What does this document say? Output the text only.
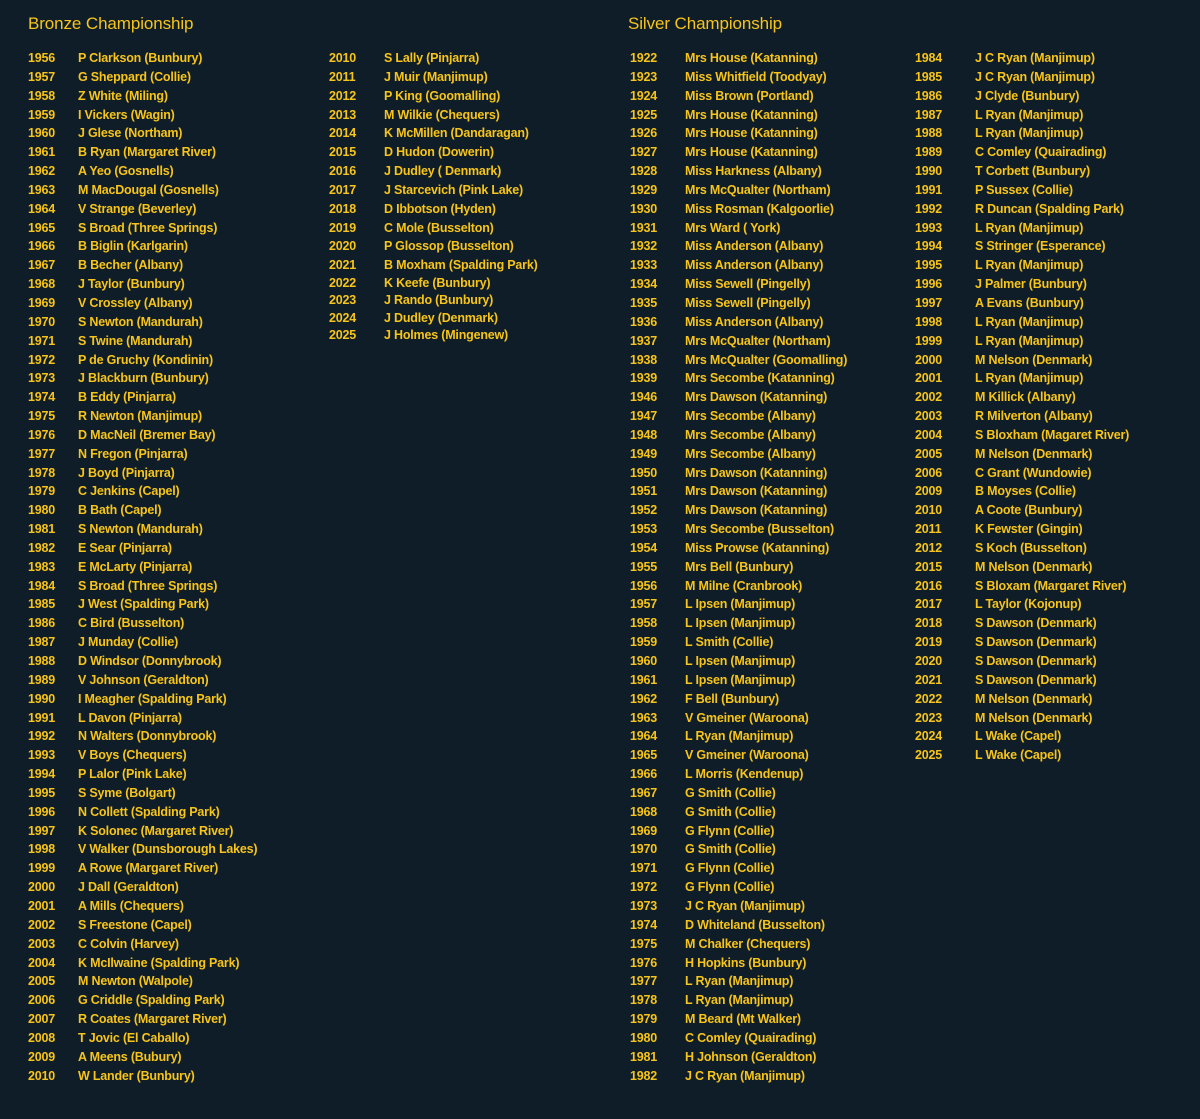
Bronze Championship	Silver Championship
1956 P Clarkson (Bunbury)
1957 G Sheppard (Collie)
1958 Z White (Miling)
1959 I Vickers (Wagin)
1960 J Glese (Northam)
1961 B Ryan (Margaret River)
1962 A Yeo (Gosnells)
1963 M MacDougal (Gosnells)
1964 V Strange (Beverley)
1965 S Broad (Three Springs)
1966 B Biglin (Karlgarin)
1967 B Becher (Albany)
1968 J Taylor (Bunbury)
1969 V Crossley (Albany)
1970 S Newton (Mandurah)
1971 S Twine (Mandurah)
1972 P de Gruchy (Kondinin)
1973 J Blackburn (Bunbury)
1974 B Eddy (Pinjarra)
1975 R Newton (Manjimup)
1976 D MacNeil (Bremer Bay)
1977 N Fregon (Pinjarra)
1978 J Boyd (Pinjarra)
1979 C Jenkins (Capel)
1980 B Bath (Capel)
1981 S Newton (Mandurah)
1982 E Sear (Pinjarra)
1983 E McLarty (Pinjarra)
1984 S Broad (Three Springs)
1985 J West (Spalding Park)
1986 C Bird (Busselton)
1987 J Munday (Collie)
1988 D Windsor (Donnybrook)
1989 V Johnson (Geraldton)
1990 I Meagher (Spalding Park)
1991 L Davon (Pinjarra)
1992 N Walters (Donnybrook)
1993 V Boys (Chequers)
1994 P Lalor (Pink Lake)
1995 S Syme (Bolgart)
1996 N Collett (Spalding Park)
1997 K Solonec (Margaret River)
1998 V Walker (Dunsborough Lakes)
1999 A Rowe (Margaret River)
2000 J Dall (Geraldton)
2001 A Mills (Chequers)
2002 S Freestone (Capel)
2003 C Colvin (Harvey)
2004 K McIlwaine (Spalding Park)
2005 M Newton (Walpole)
2006 G Criddle (Spalding Park)
2007 R Coates (Margaret River)
2008 T Jovic (El Caballo)
2009 A Meens (Bubury)
2010 W Lander (Bunbury)
2010 S Lally (Pinjarra)
2011 J Muir (Manjimup)
2012 P King (Goomalling)
2013 M Wilkie (Chequers)
2014 K McMillen (Dandaragan)
2015 D Hudon (Dowerin)
2016 J Dudley ( Denmark)
2017 J Starcevich (Pink Lake)
2018 D Ibbotson (Hyden)
2019 C Mole (Busselton)
2020 P Glossop (Busselton)
2021 B Moxham (Spalding Park)
2022 K Keefe (Bunbury)
2023 J Rando (Bunbury)
2024 J Dudley (Denmark)
2025 J Holmes (Mingenew)
1922 Mrs House (Katanning)
1923 Miss Whitfield (Toodyay)
1924 Miss Brown (Portland)
1925 Mrs House (Katanning)
1926 Mrs House (Katanning)
1927 Mrs House (Katanning)
1928 Miss Harkness (Albany)
1929 Mrs McQualter (Northam)
1930 Miss Rosman (Kalgoorlie)
1931 Mrs Ward ( York)
1932 Miss Anderson (Albany)
1933 Miss Anderson (Albany)
1934 Miss Sewell (Pingelly)
1935 Miss Sewell (Pingelly)
1936 Miss Anderson (Albany)
1937 Mrs McQualter (Northam)
1938 Mrs McQualter (Goomalling)
1939 Mrs Secombe (Katanning)
1946 Mrs Dawson (Katanning)
1947 Mrs Secombe (Albany)
1948 Mrs Secombe (Albany)
1949 Mrs Secombe (Albany)
1950 Mrs Dawson (Katanning)
1951 Mrs Dawson (Katanning)
1952 Mrs Dawson (Katanning)
1953 Mrs Secombe (Busselton)
1954 Miss Prowse (Katanning)
1955 Mrs Bell (Bunbury)
1956 M Milne (Cranbrook)
1957 L Ipsen (Manjimup)
1958 L Ipsen (Manjimup)
1959 L Smith (Collie)
1960 L Ipsen (Manjimup)
1961 L Ipsen (Manjimup)
1962 F Bell (Bunbury)
1963 V Gmeiner (Waroona)
1964 L Ryan (Manjimup)
1965 V Gmeiner (Waroona)
1966 L Morris (Kendenup)
1967 G Smith (Collie)
1968 G Smith (Collie)
1969 G Flynn (Collie)
1970 G Smith (Collie)
1971 G Flynn (Collie)
1972 G Flynn (Collie)
1973 J C Ryan (Manjimup)
1974 D Whiteland (Busselton)
1975 M Chalker (Chequers)
1976 H Hopkins (Bunbury)
1977 L Ryan (Manjimup)
1978 L Ryan (Manjimup)
1979 M Beard (Mt Walker)
1980 C Comley (Quairading)
1981 H Johnson (Geraldton)
1982 J C Ryan (Manjimup)
1984	J C Ryan (Manjimup)
1985	J C Ryan (Manjimup)
1986	J Clyde (Bunbury)
1987	L Ryan (Manjimup)
1988	L Ryan (Manjimup)
1989	C Comley (Quairading)
1990	T Corbett (Bunbury)
1991	P Sussex (Collie)
1992	R Duncan (Spalding Park)
1993	L Ryan (Manjimup)
1994	S Stringer (Esperance)
1995	L Ryan (Manjimup)
1996	J Palmer (Bunbury)
1997	A Evans (Bunbury)
1998	L Ryan (Manjimup)
1999	L Ryan (Manjimup)
2000	M Nelson (Denmark)
2001	L Ryan (Manjimup)
2002	M Killick (Albany)
2003	R Milverton (Albany)
2004	S Bloxham (Magaret River)
2005	M Nelson (Denmark)
2006	C Grant (Wundowie)
2009	B Moyses (Collie)
2010	A Coote (Bunbury)
2011	K Fewster (Gingin)
2012	S Koch (Busselton)
2015	M Nelson (Denmark)
2016	S Bloxam (Margaret River)
2017	L Taylor (Kojonup)
2018	S Dawson (Denmark)
2019	S Dawson (Denmark)
2020	S Dawson (Denmark)
2021	S Dawson (Denmark)
2022	M Nelson (Denmark)
2023	M Nelson (Denmark)
2024	L Wake (Capel)
2025	L Wake (Capel)
